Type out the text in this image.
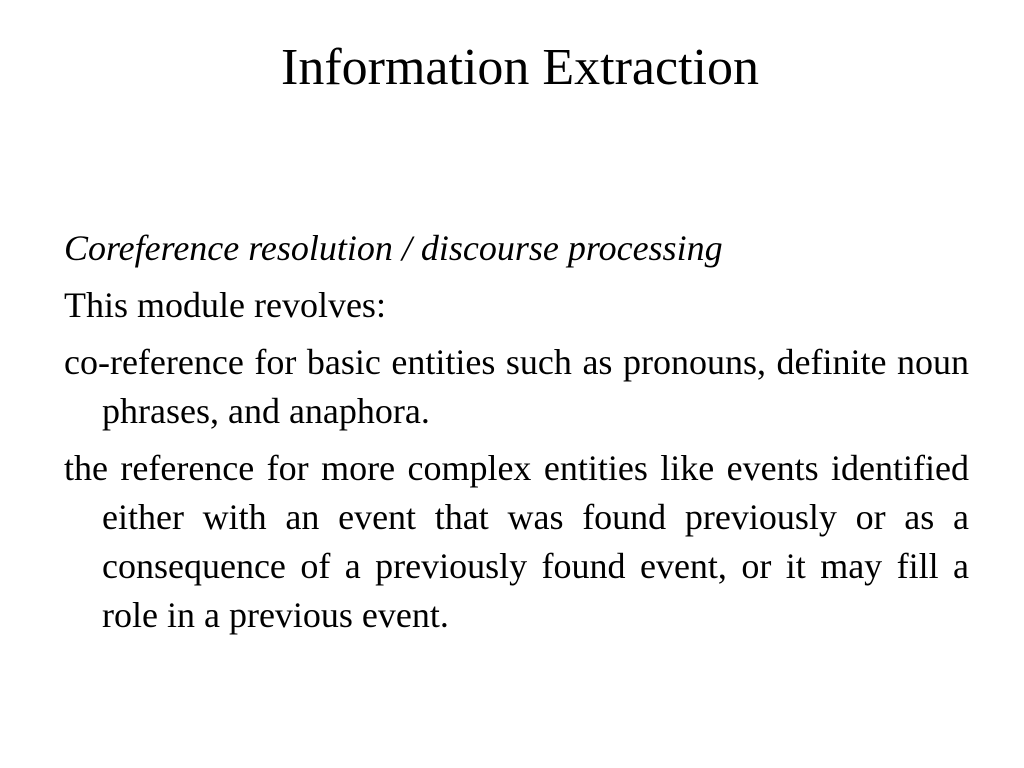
Information Extraction

Coreference resolution / discourse processing

This module revolves:

co-reference for basic entities such as pronouns, definite noun phrases, and anaphora.

the reference for more complex entities like events identified either with an event that was found previously or as a consequence of a previously found event, or it may fill a role in a previous event.
